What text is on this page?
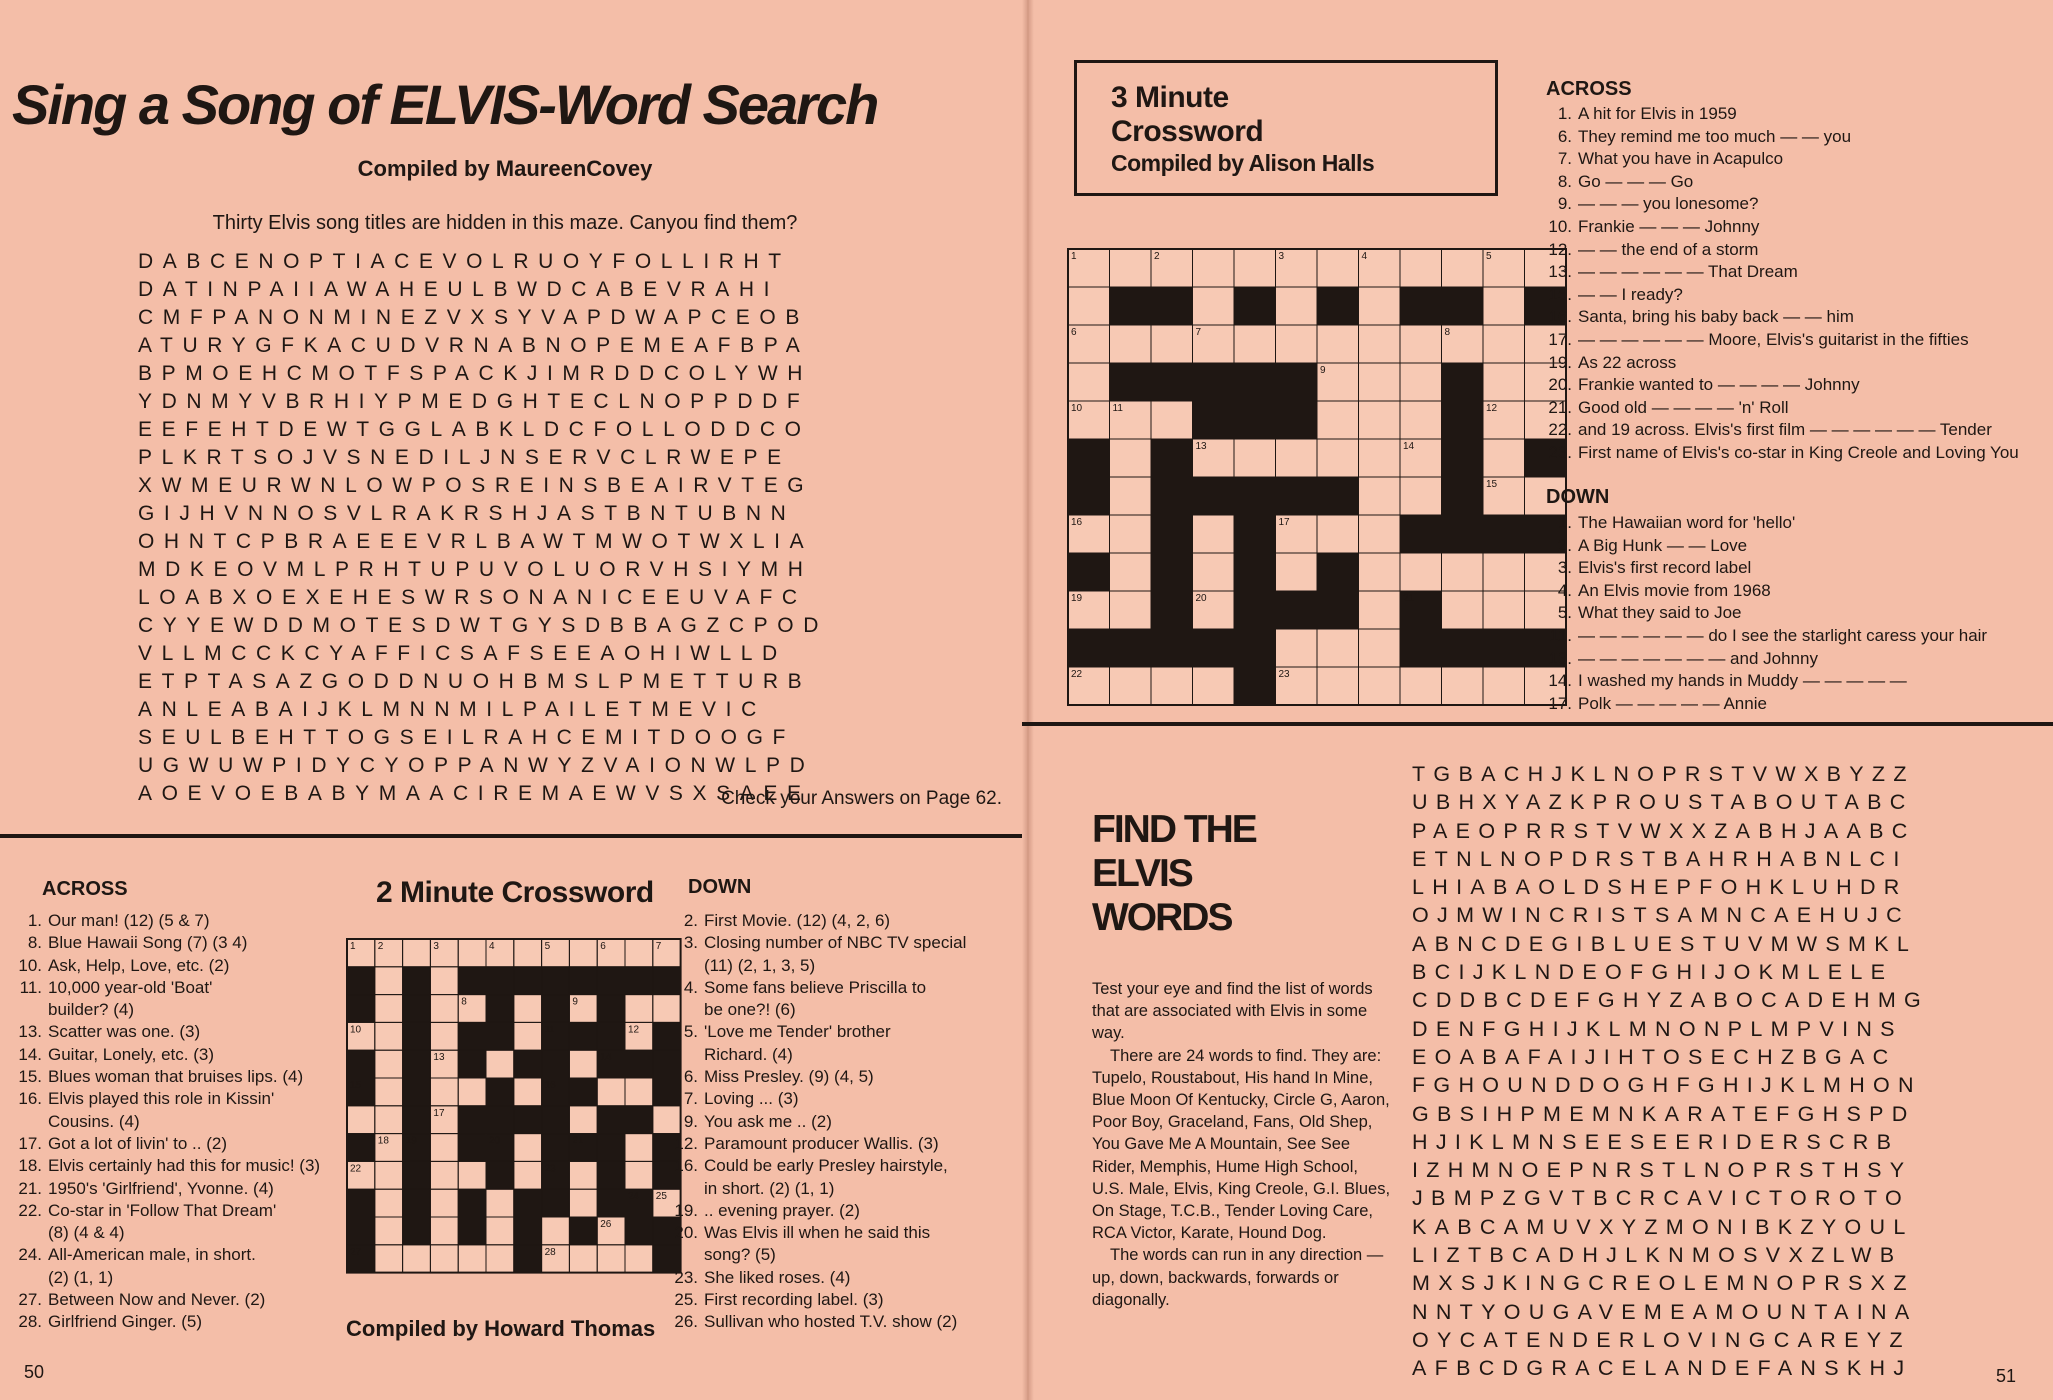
Sing a Song of ELVIS-Word Search
Compiled by MaureenCovey
Thirty Elvis song titles are hidden in this maze. Canyou find them?
DABCENOPTIACEVOLRUOYFOLLIRHT
DATINPAIIAWAHEULBWDCABEVRAHI
CMFPANONMINEZVXSYVAPDWAPCEOB
ATURYGFKACUDVRNABNOPEMEAFBPA
BPMOEHCMOTFSPACKJIMRDDCOLYWH
YDNMYVBRHIYPMEDGHTECLNOPPDDF
EEFEHTDEWTGGLABKLDCFOLLODDCO
PLKRTSOJVSNEDILJNSERVCLRWEPE
XWMEURWNLOWPOSREINSBEAIRVTEG
GIJHVNNOSVLRAKRSHJASTBNTUBNN
OHNTCPBRAEEEVRLBAWTMWOTWXLIA
MDKEOVMLPRHTUPUVOLUORVHSIYMH
LOABXOEXEHESWRSONANICEEUVAFC
CYYEWDDMOTESDWTGYSDBBAGZCPOD
VLLMCCKCYAFFICSAFSEEAOHIWLLD
ETPTASAZGODDNUOHBMSLPMETTURB
ANLEABAIJKLMNNMILPAILETMEVIC
SEULBEHTTOGSEILRAHCEMITDOOGF
UGWUWPIDYCYOPPANWYZVAIONWLPD
AOEVOEBABYMAACIREMAEWVSXSAEE
Check your Answers on Page 62.
ACROSS
1. Our man! (12) (5 & 7)
8. Blue Hawaii Song (7) (3 4)
10. Ask, Help, Love, etc. (2)
11. 10,000 year-old 'Boat'
builder? (4)
13. Scatter was one. (3)
14. Guitar, Lonely, etc. (3)
15. Blues woman that bruises lips. (4)
16. Elvis played this role in Kissin'
Cousins. (4)
17. Got a lot of livin' to .. (2)
18. Elvis certainly had this for music! (3)
21. 1950's 'Girlfriend', Yvonne. (4)
22. Co-star in 'Follow That Dream'
(8) (4 & 4)
24. All-American male, in short.
(2) (1, 1)
27. Between Now and Never. (2)
28. Girlfriend Ginger. (5)
2 Minute Crossword
1 2	3	4	5	6	7
8	9
10	11	12
13	14
15	16
17
18 19	20	21
22	23
24 25
26
27	28
Compiled by Howard Thomas
DOWN
2. First Movie. (12) (4, 2, 6)
3. Closing number of NBC TV special
(11) (2, 1, 3, 5)
4. Some fans believe Priscilla to
be one?! (6)
5. 'Love me Tender' brother
Richard. (4)
6. Miss Presley. (9) (4, 5)
7. Loving ... (3)
9. You ask me .. (2)
12. Paramount producer Wallis. (3)
16. Could be early Presley hairstyle,
in short. (2) (1, 1)
19. .. evening prayer. (2)
20. Was Elvis ill when he said this
song? (5)
23. She liked roses. (4)
25. First recording label. (3)
26. Sullivan who hosted T.V. show (2)
50
3 Minute
Crossword
Compiled by Alison Halls
1	2	3	4	5
6	7	8
9
10	11	12
13	14
15
16	17
19	20	21
22	23
ACROSS
1. A hit for Elvis in 1959
6. They remind me too much — — you
7. What you have in Acapulco
8. Go — — — Go
9. — — — you lonesome?
10. Frankie — — — Johnny
12. — — the end of a storm
13. — — — — — — That Dream
15. — — I ready?
16. Santa, bring his baby back — — him
17. — — — — — — Moore, Elvis's guitarist in the fifties
19. As 22 across
20. Frankie wanted to — — — — Johnny
21. Good old — — — — 'n' Roll
22. and 19 across. Elvis's first film — — — — — — Tender
23. First name of Elvis's co-star in King Creole and Loving You
DOWN
1. The Hawaiian word for 'hello'
2. A Big Hunk — — Love
3. Elvis's first record label
4. An Elvis movie from 1968
5. What they said to Joe
11. — — — — — — do I see the starlight caress your hair
13. — — — — — — — and Johnny
14. I washed my hands in Muddy — — — — —
17. Polk — — — — — Annie
FIND THE
ELVIS
WORDS
Test your eye and find the list of words that are associated with Elvis in some way.
There are 24 words to find. They are: Tupelo, Roustabout, His hand In Mine, Blue Moon Of Kentucky, Circle G, Aaron, Poor Boy, Graceland, Fans, Old Shep, You Gave Me A Mountain, See See Rider, Memphis, Hume High School, U.S. Male, Elvis, King Creole, G.I. Blues, On Stage, T.C.B., Tender Loving Care, RCA Victor, Karate, Hound Dog.
The words can run in any direction — up, down, backwards, forwards or diagonally.
TGBACHJKLNOPRSTVWXBYZZ
UBHXYAZKPROUSTABOUTABC
PAEOPRRSTVWXXZABHJAABC
ETNLNOPDRSTBAHRHABNLCI
LHIABAOLDSHEPFOHKLUHDR
OJMWINCRISTSAMNCAEHUJC
ABNCDEGIBLUESTUVMWSMKL
BCIJKLNDEOFGHIJOKMLELE
CDDBCDEFGHYZABOCADEHMG
DENFGHIJKLMNONPLMPVINS
EOABAFAIJIHTOSECHZBGAC
FGHOUNDDOGHFGHIJKLMHON
GBSIHPMEMNKARATEFGHSPD
HJIKLMNSEESEERIDERSCRB
IZHMNOEPNRSTLNOPRSTHSY
JBMPZGVTBCRCAVICTOROTO
KABCAMUVXYZMONIBKZYOUL
LIZTBCADHJLKNMOSVXZLWB
MXSJKINGCREOLEMNOPRSXZ
NNTYOUGAVEMEAMOUNTAINA
OYCATENDERLOVINGCAREYZ
AFBCDGRACELANDEFANSKHJ	51
